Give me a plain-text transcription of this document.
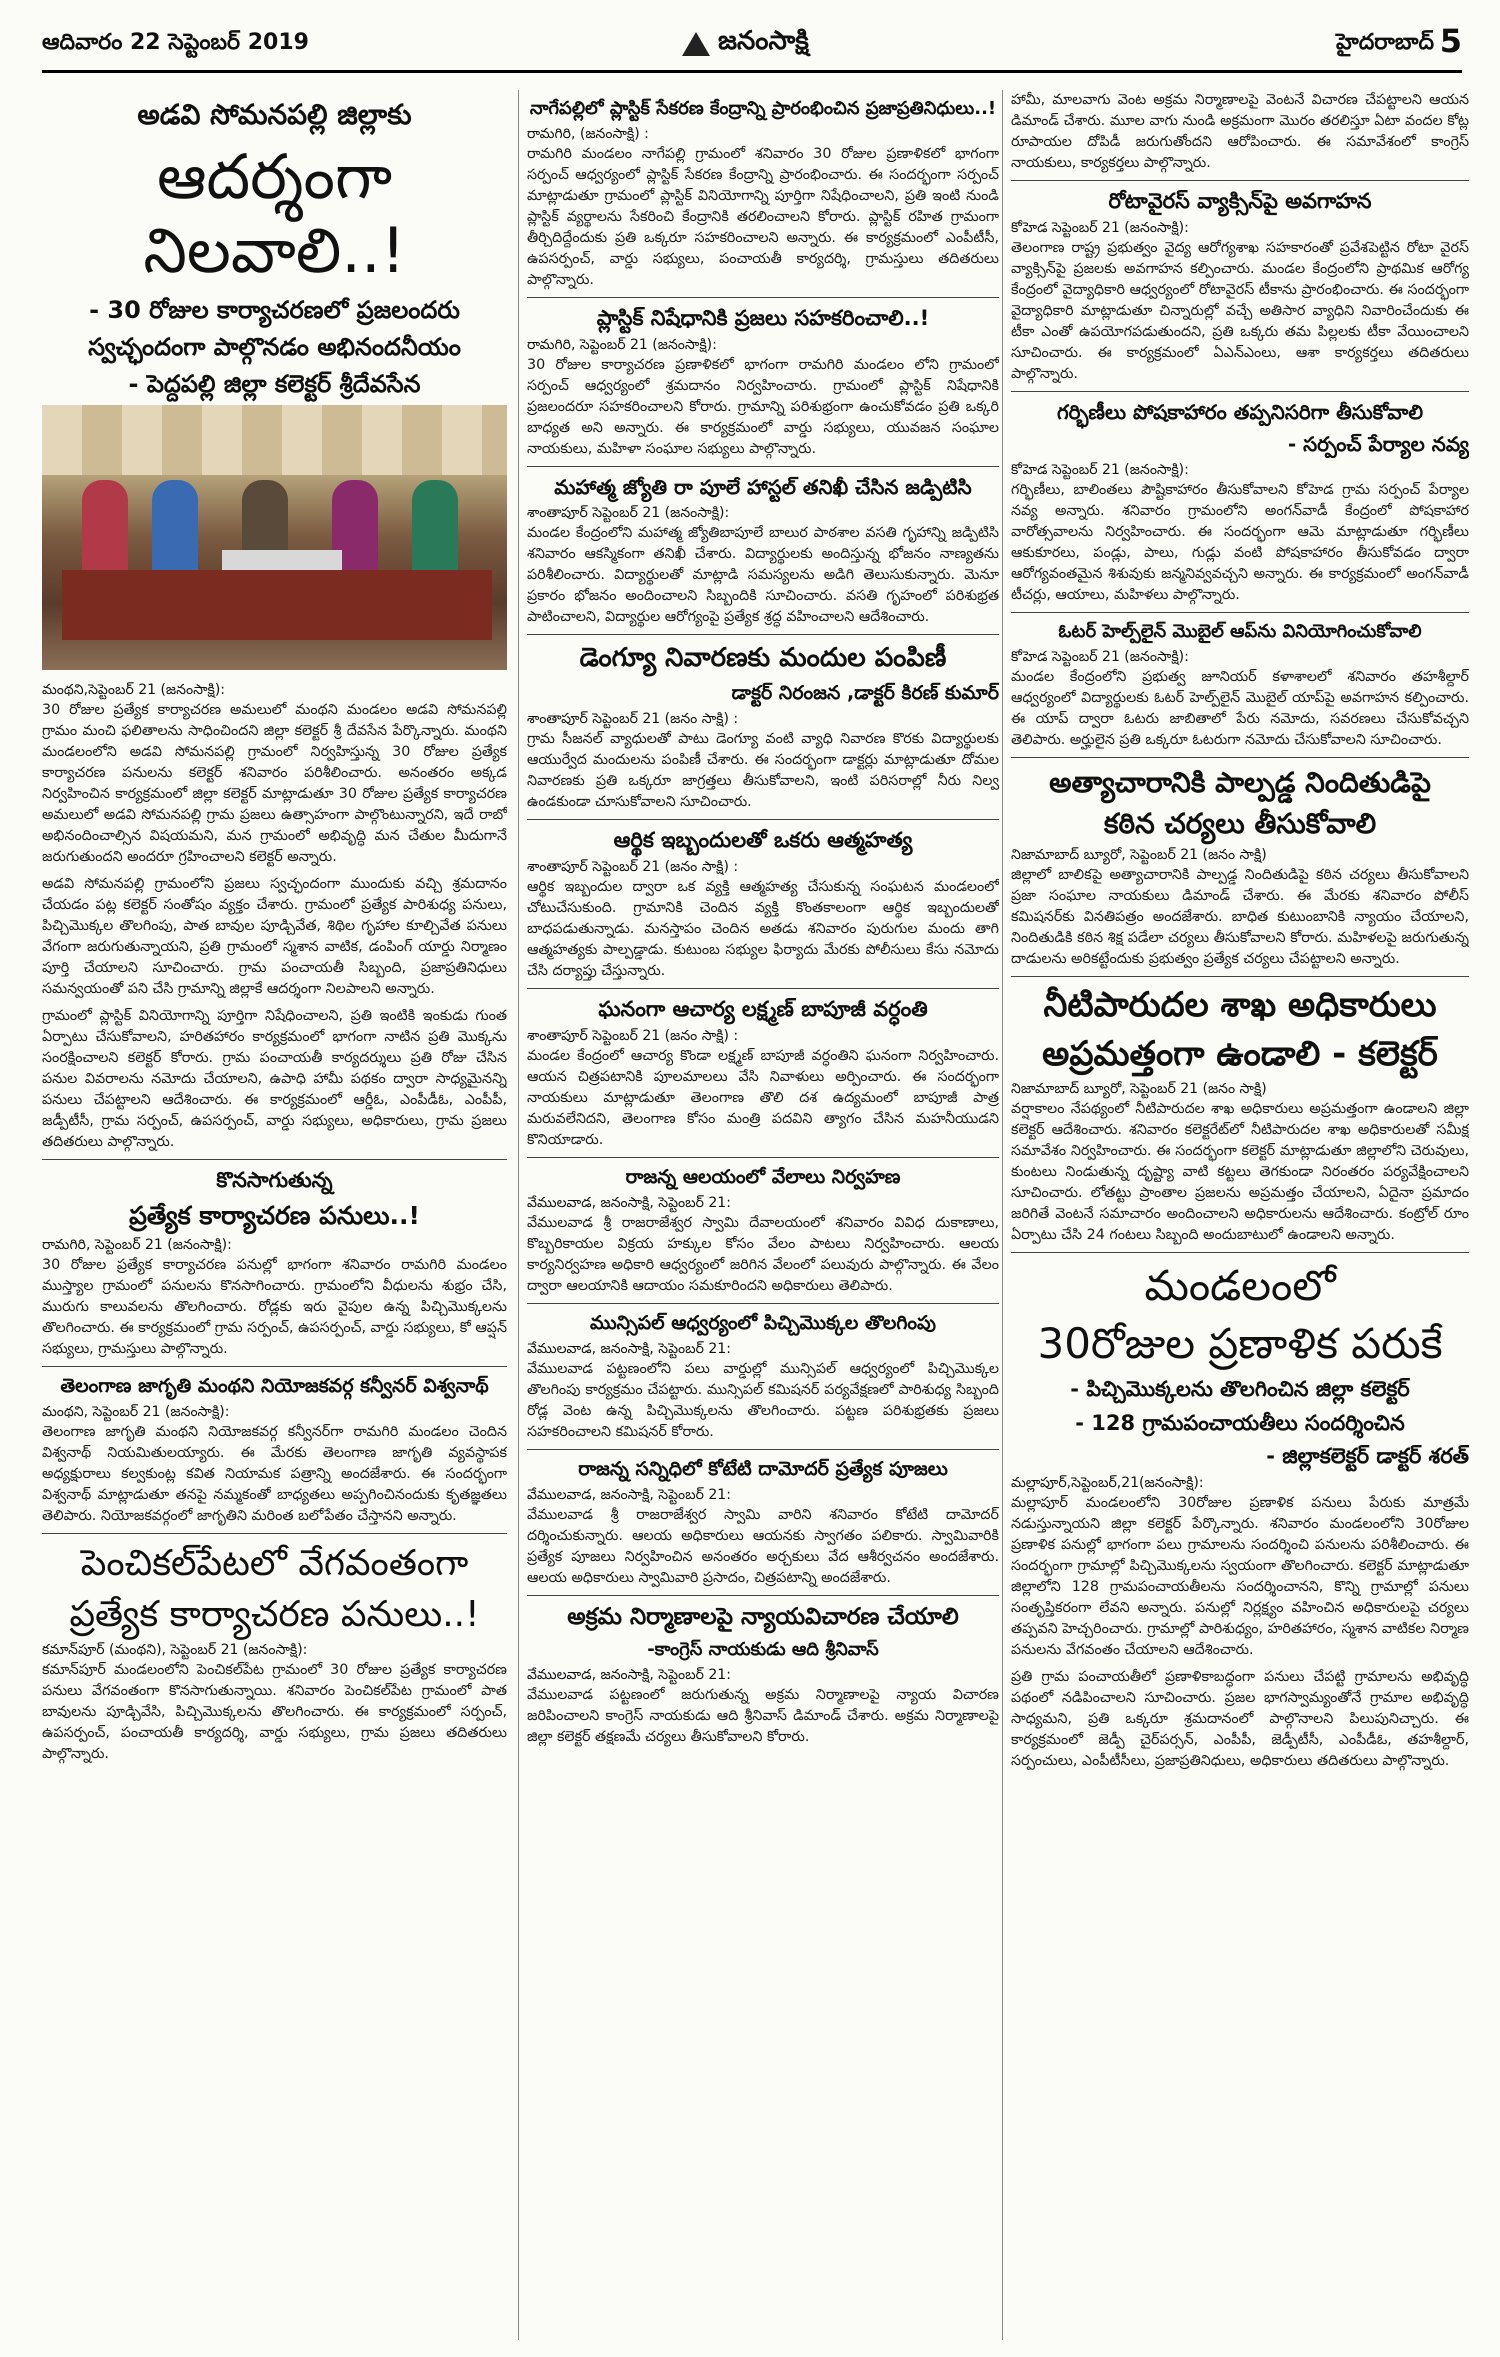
ఆదివారం 22 సెప్టెంబర్ 2019	జనంసాక్షి	హైదరాబాద్ 5
అడవి సోమనపల్లి జిల్లాకు
ఆదర్శంగా నిలవాలి..!
- 30 రోజుల కార్యాచరణలో ప్రజలందరు
స్వచ్ఛందంగా పాల్గొనడం అభినందనీయం
- పెద్దపల్లి జిల్లా కలెక్టర్ శ్రీదేవసేన

మంథని,సెప్టెంబర్ 21 (జనంసాక్షి):

30 రోజుల ప్రత్యేక కార్యాచరణ అమలులో మంథని మండలం అడవి సోమనపల్లి గ్రామం మంచి ఫలితాలను సాధించిందని జిల్లా కలెక్టర్ శ్రీ దేవసేన పేర్కొన్నారు. మంథని మండలంలోని అడవి సోమనపల్లి గ్రామంలో నిర్వహిస్తున్న 30 రోజుల ప్రత్యేక కార్యాచరణ పనులను కలెక్టర్ శనివారం పరిశీలించారు. అనంతరం అక్కడ నిర్వహించిన కార్యక్రమంలో జిల్లా కలెక్టర్ మాట్లాడుతూ 30 రోజుల ప్రత్యేక కార్యాచరణ అమలులో అడవి సోమనపల్లి గ్రామ ప్రజలు ఉత్సాహంగా పాల్గొంటున్నారని, ఇదే రాబో అభినందించాల్సిన విషయమని, మన గ్రామంలో అభివృద్ధి మన చేతుల మీదుగానే జరుగుతుందని అందరూ గ్రహించాలని కలెక్టర్ అన్నారు.

అడవి సోమనపల్లి గ్రామంలోని ప్రజలు స్వచ్ఛందంగా ముందుకు వచ్చి శ్రమదానం చేయడం పట్ల కలెక్టర్ సంతోషం వ్యక్తం చేశారు. గ్రామంలో ప్రత్యేక పారిశుధ్య పనులు, పిచ్చిమొక్కల తొలగింపు, పాత బావుల పూడ్చివేత, శిథిల గృహాల కూల్చివేత పనులు వేగంగా జరుగుతున్నాయని, ప్రతి గ్రామంలో స్మశాన వాటిక, డంపింగ్ యార్డు నిర్మాణం పూర్తి చేయాలని సూచించారు. గ్రామ పంచాయతీ సిబ్బంది, ప్రజాప్రతినిధులు సమన్వయంతో పని చేసి గ్రామాన్ని జిల్లాకే ఆదర్శంగా నిలపాలని అన్నారు.

గ్రామంలో ప్లాస్టిక్ వినియోగాన్ని పూర్తిగా నిషేధించాలని, ప్రతి ఇంటికి ఇంకుడు గుంత ఏర్పాటు చేసుకోవాలని, హరితహారం కార్యక్రమంలో భాగంగా నాటిన ప్రతి మొక్కను సంరక్షించాలని కలెక్టర్ కోరారు. గ్రామ పంచాయతీ కార్యదర్శులు ప్రతి రోజు చేసిన పనుల వివరాలను నమోదు చేయాలని, ఉపాధి హామీ పథకం ద్వారా సాధ్యమైనన్ని పనులు చేపట్టాలని ఆదేశించారు. ఈ కార్యక్రమంలో ఆర్డీఓ, ఎంపీడీఓ, ఎంపీపీ, జడ్పీటీసీ, గ్రామ సర్పంచ్, ఉపసర్పంచ్, వార్డు సభ్యులు, అధికారులు, గ్రామ ప్రజలు తదితరులు పాల్గొన్నారు.

కొనసాగుతున్న
ప్రత్యేక కార్యాచరణ పనులు..!

రామగిరి, సెప్టెంబర్ 21 (జనంసాక్షి):

30 రోజుల ప్రత్యేక కార్యాచరణ పనుల్లో భాగంగా శనివారం రామగిరి మండలం ముస్త్యాల గ్రామంలో పనులను కొనసాగించారు. గ్రామంలోని వీధులను శుభ్రం చేసి, మురుగు కాలువలను తొలగించారు. రోడ్లకు ఇరు వైపుల ఉన్న పిచ్చిమొక్కలను తొలగించారు. ఈ కార్యక్రమంలో గ్రామ సర్పంచ్, ఉపసర్పంచ్, వార్డు సభ్యులు, కో ఆప్షన్ సభ్యులు, గ్రామస్తులు పాల్గొన్నారు.

తెలంగాణ జాగృతి మంథని నియోజకవర్గ కన్వీనర్ విశ్వనాథ్

మంథని, సెప్టెంబర్ 21 (జనంసాక్షి):

తెలంగాణ జాగృతి మంథని నియోజకవర్గ కన్వీనర్‌గా రామగిరి మండలం చెందిన విశ్వనాథ్ నియమితులయ్యారు. ఈ మేరకు తెలంగాణ జాగృతి వ్యవస్థాపక అధ్యక్షురాలు కల్వకుంట్ల కవిత నియామక పత్రాన్ని అందజేశారు. ఈ సందర్భంగా విశ్వనాథ్ మాట్లాడుతూ తనపై నమ్మకంతో బాధ్యతలు అప్పగించినందుకు కృతజ్ఞతలు తెలిపారు. నియోజకవర్గంలో జాగృతిని మరింత బలోపేతం చేస్తానని అన్నారు.

పెంచికల్‌పేటలో వేగవంతంగా
ప్రత్యేక కార్యాచరణ పనులు..!

కమాన్‌పూర్ (మంథని), సెప్టెంబర్ 21 (జనంసాక్షి):

కమాన్‌పూర్ మండలంలోని పెంచికల్‌పేట గ్రామంలో 30 రోజుల ప్రత్యేక కార్యాచరణ పనులు వేగవంతంగా కొనసాగుతున్నాయి. శనివారం పెంచికల్‌పేట గ్రామంలో పాత బావులను పూడ్చివేసి, పిచ్చిమొక్కలను తొలగించారు. ఈ కార్యక్రమంలో సర్పంచ్, ఉపసర్పంచ్, పంచాయతీ కార్యదర్శి, వార్డు సభ్యులు, గ్రామ ప్రజలు తదితరులు పాల్గొన్నారు.

నాగేపల్లిలో ప్లాస్టిక్ సేకరణ కేంద్రాన్ని ప్రారంభించిన ప్రజాప్రతినిధులు..!

రామగిరి, (జనంసాక్షి) :

రామగిరి మండలం నాగేపల్లి గ్రామంలో శనివారం 30 రోజుల ప్రణాళికలో భాగంగా సర్పంచ్ ఆధ్వర్యంలో ప్లాస్టిక్ సేకరణ కేంద్రాన్ని ప్రారంభించారు. ఈ సందర్భంగా సర్పంచ్ మాట్లాడుతూ గ్రామంలో ప్లాస్టిక్ వినియోగాన్ని పూర్తిగా నిషేధించాలని, ప్రతి ఇంటి నుండి ప్లాస్టిక్ వ్యర్థాలను సేకరించి కేంద్రానికి తరలించాలని కోరారు. ప్లాస్టిక్ రహిత గ్రామంగా తీర్చిదిద్దేందుకు ప్రతి ఒక్కరూ సహకరించాలని అన్నారు. ఈ కార్యక్రమంలో ఎంపీటీసీ, ఉపసర్పంచ్, వార్డు సభ్యులు, పంచాయతీ కార్యదర్శి, గ్రామస్తులు తదితరులు పాల్గొన్నారు.

ప్లాస్టిక్ నిషేధానికి ప్రజలు సహకరించాలి..!

రామగిరి, సెప్టెంబర్ 21 (జనంసాక్షి):

30 రోజుల కార్యాచరణ ప్రణాళికలో భాగంగా రామగిరి మండలం లోని గ్రామంలో సర్పంచ్ ఆధ్వర్యంలో శ్రమదానం నిర్వహించారు. గ్రామంలో ప్లాస్టిక్ నిషేధానికి ప్రజలందరూ సహకరించాలని కోరారు. గ్రామాన్ని పరిశుభ్రంగా ఉంచుకోవడం ప్రతి ఒక్కరి బాధ్యత అని అన్నారు. ఈ కార్యక్రమంలో వార్డు సభ్యులు, యువజన సంఘాల నాయకులు, మహిళా సంఘాల సభ్యులు పాల్గొన్నారు.

మహాత్మ జ్యోతి రా పూలే హాస్టల్ తనిఖీ చేసిన జడ్పిటిసి

శాంతాపూర్ సెప్టెంబర్ 21 (జనంసాక్షి):

మండల కేంద్రంలోని మహాత్మ జ్యోతిబాపూలే బాలుర పాఠశాల వసతి గృహాన్ని జడ్పిటిసి శనివారం ఆకస్మికంగా తనిఖీ చేశారు. విద్యార్థులకు అందిస్తున్న భోజనం నాణ్యతను పరిశీలించారు. విద్యార్థులతో మాట్లాడి సమస్యలను అడిగి తెలుసుకున్నారు. మెనూ ప్రకారం భోజనం అందించాలని సిబ్బందికి సూచించారు. వసతి గృహంలో పరిశుభ్రత పాటించాలని, విద్యార్థుల ఆరోగ్యంపై ప్రత్యేక శ్రద్ధ వహించాలని ఆదేశించారు.

డెంగ్యూ నివారణకు మందుల పంపిణీ
డాక్టర్ నిరంజన ,డాక్టర్ కిరణ్ కుమార్

శాంతాపూర్ సెప్టెంబర్ 21 (జనం సాక్షి) :

గ్రామ సీజనల్ వ్యాధులతో పాటు డెంగ్యూ వంటి వ్యాధి నివారణ కొరకు విద్యార్థులకు ఆయుర్వేద మందులను పంపిణీ చేశారు. ఈ సందర్భంగా డాక్టర్లు మాట్లాడుతూ దోమల నివారణకు ప్రతి ఒక్కరూ జాగ్రత్తలు తీసుకోవాలని, ఇంటి పరిసరాల్లో నీరు నిల్వ ఉండకుండా చూసుకోవాలని సూచించారు.

ఆర్థిక ఇబ్బందులతో ఒకరు ఆత్మహత్య

శాంతాపూర్ సెప్టెంబర్ 21 (జనం సాక్షి) :

ఆర్థిక ఇబ్బందుల ద్వారా ఒక వ్యక్తి ఆత్మహత్య చేసుకున్న సంఘటన మండలంలో చోటుచేసుకుంది. గ్రామానికి చెందిన వ్యక్తి కొంతకాలంగా ఆర్థిక ఇబ్బందులతో బాధపడుతున్నాడు. మనస్తాపం చెందిన అతడు శనివారం పురుగుల మందు తాగి ఆత్మహత్యకు పాల్పడ్డాడు. కుటుంబ సభ్యుల ఫిర్యాదు మేరకు పోలీసులు కేసు నమోదు చేసి దర్యాప్తు చేస్తున్నారు.

ఘనంగా ఆచార్య లక్ష్మణ్ బాపూజీ వర్ధంతి

శాంతాపూర్ సెప్టెంబర్ 21 (జనం సాక్షి) :

మండల కేంద్రంలో ఆచార్య కొండా లక్ష్మణ్ బాపూజీ వర్ధంతిని ఘనంగా నిర్వహించారు. ఆయన చిత్రపటానికి పూలమాలలు వేసి నివాళులు అర్పించారు. ఈ సందర్భంగా నాయకులు మాట్లాడుతూ తెలంగాణ తొలి దశ ఉద్యమంలో బాపూజీ పాత్ర మరువలేనిదని, తెలంగాణ కోసం మంత్రి పదవిని త్యాగం చేసిన మహనీయుడని కొనియాడారు.

రాజన్న ఆలయంలో వేలాలు నిర్వహణ

వేములవాడ, జనంసాక్షి, సెప్టెంబర్ 21:

వేములవాడ శ్రీ రాజరాజేశ్వర స్వామి దేవాలయంలో శనివారం వివిధ దుకాణాలు, కొబ్బరికాయల విక్రయ హక్కుల కోసం వేలం పాటలు నిర్వహించారు. ఆలయ కార్యనిర్వహణ అధికారి ఆధ్వర్యంలో జరిగిన వేలంలో పలువురు పాల్గొన్నారు. ఈ వేలం ద్వారా ఆలయానికి ఆదాయం సమకూరిందని అధికారులు తెలిపారు.

మున్సిపల్ ఆధ్వర్యంలో పిచ్చిమొక్కల తొలగింపు

వేములవాడ, జనంసాక్షి, సెప్టెంబర్ 21:

వేములవాడ పట్టణంలోని పలు వార్డుల్లో మున్సిపల్ ఆధ్వర్యంలో పిచ్చిమొక్కల తొలగింపు కార్యక్రమం చేపట్టారు. మున్సిపల్ కమిషనర్ పర్యవేక్షణలో పారిశుధ్య సిబ్బంది రోడ్ల వెంట ఉన్న పిచ్చిమొక్కలను తొలగించారు. పట్టణ పరిశుభ్రతకు ప్రజలు సహకరించాలని కమిషనర్ కోరారు.

రాజన్న సన్నిధిలో కోటేటి దామోదర్ ప్రత్యేక పూజలు

వేములవాడ, జనంసాక్షి, సెప్టెంబర్ 21:

వేములవాడ శ్రీ రాజరాజేశ్వర స్వామి వారిని శనివారం కోటేటి దామోదర్ దర్శించుకున్నారు. ఆలయ అధికారులు ఆయనకు స్వాగతం పలికారు. స్వామివారికి ప్రత్యేక పూజలు నిర్వహించిన అనంతరం అర్చకులు వేద ఆశీర్వచనం అందజేశారు. ఆలయ అధికారులు స్వామివారి ప్రసాదం, చిత్రపటాన్ని అందజేశారు.

అక్రమ నిర్మాణాలపై న్యాయవిచారణ చేయాలి
-కాంగ్రెస్ నాయకుడు ఆది శ్రీనివాస్

వేములవాడ, జనంసాక్షి, సెప్టెంబర్ 21:

వేములవాడ పట్టణంలో జరుగుతున్న అక్రమ నిర్మాణాలపై న్యాయ విచారణ జరిపించాలని కాంగ్రెస్ నాయకుడు ఆది శ్రీనివాస్ డిమాండ్ చేశారు. అక్రమ నిర్మాణాలపై జిల్లా కలెక్టర్ తక్షణమే చర్యలు తీసుకోవాలని కోరారు.

హామీ, మాలవాగు వెంట అక్రమ నిర్మాణాలపై వెంటనే విచారణ చేపట్టాలని ఆయన డిమాండ్ చేశారు. మూల వాగు నుండి అక్రమంగా మొరం తరలిస్తూ ఏటా వందల కోట్ల రూపాయల దోపిడీ జరుగుతోందని ఆరోపించారు. ఈ సమావేశంలో కాంగ్రెస్ నాయకులు, కార్యకర్తలు పాల్గొన్నారు.

రోటావైరస్ వ్యాక్సిన్‌పై అవగాహన

కోహెడ సెప్టెంబర్ 21 (జనంసాక్షి):

తెలంగాణ రాష్ట్ర ప్రభుత్వం వైద్య ఆరోగ్యశాఖ సహకారంతో ప్రవేశపెట్టిన రోటా వైరస్ వ్యాక్సిన్‌పై ప్రజలకు అవగాహన కల్పించారు. మండల కేంద్రంలోని ప్రాథమిక ఆరోగ్య కేంద్రంలో వైద్యాధికారి ఆధ్వర్యంలో రోటావైరస్ టీకాను ప్రారంభించారు. ఈ సందర్భంగా వైద్యాధికారి మాట్లాడుతూ చిన్నారుల్లో వచ్చే అతిసార వ్యాధిని నివారించేందుకు ఈ టీకా ఎంతో ఉపయోగపడుతుందని, ప్రతి ఒక్కరు తమ పిల్లలకు టీకా వేయించాలని సూచించారు. ఈ కార్యక్రమంలో ఏఎన్ఎంలు, ఆశా కార్యకర్తలు తదితరులు పాల్గొన్నారు.

గర్భిణీలు పోషకాహారం తప్పనిసరిగా తీసుకోవాలి
- సర్పంచ్ పేర్యాల నవ్య

కోహెడ సెప్టెంబర్ 21 (జనంసాక్షి):

గర్భిణీలు, బాలింతలు పౌష్టికాహారం తీసుకోవాలని కోహెడ గ్రామ సర్పంచ్ పేర్యాల నవ్య అన్నారు. శనివారం గ్రామంలోని అంగన్‌వాడీ కేంద్రంలో పోషకాహార వారోత్సవాలను నిర్వహించారు. ఈ సందర్భంగా ఆమె మాట్లాడుతూ గర్భిణీలు ఆకుకూరలు, పండ్లు, పాలు, గుడ్లు వంటి పోషకాహారం తీసుకోవడం ద్వారా ఆరోగ్యవంతమైన శిశువుకు జన్మనివ్వవచ్చని అన్నారు. ఈ కార్యక్రమంలో అంగన్‌వాడీ టీచర్లు, ఆయాలు, మహిళలు పాల్గొన్నారు.

ఓటర్ హెల్ప్‌లైన్ మొబైల్ ఆప్‌ను వినియోగించుకోవాలి

కోహెడ సెప్టెంబర్ 21 (జనంసాక్షి):

మండల కేంద్రంలోని ప్రభుత్వ జూనియర్ కళాశాలలో శనివారం తహశీల్దార్ ఆధ్వర్యంలో విద్యార్థులకు ఓటర్ హెల్ప్‌లైన్ మొబైల్ యాప్‌పై అవగాహన కల్పించారు. ఈ యాప్ ద్వారా ఓటరు జాబితాలో పేరు నమోదు, సవరణలు చేసుకోవచ్చని తెలిపారు. అర్హులైన ప్రతి ఒక్కరూ ఓటరుగా నమోదు చేసుకోవాలని సూచించారు.

అత్యాచారానికి పాల్పడ్డ నిందితుడిపై
కఠిన చర్యలు తీసుకోవాలి

నిజామాబాద్ బ్యూరో, సెప్టెంబర్ 21 (జనం సాక్షి)

జిల్లాలో బాలికపై అత్యాచారానికి పాల్పడ్డ నిందితుడిపై కఠిన చర్యలు తీసుకోవాలని ప్రజా సంఘాల నాయకులు డిమాండ్ చేశారు. ఈ మేరకు శనివారం పోలీస్ కమిషనర్‌కు వినతిపత్రం అందజేశారు. బాధిత కుటుంబానికి న్యాయం చేయాలని, నిందితుడికి కఠిన శిక్ష పడేలా చర్యలు తీసుకోవాలని కోరారు. మహిళలపై జరుగుతున్న దాడులను అరికట్టేందుకు ప్రభుత్వం ప్రత్యేక చర్యలు చేపట్టాలని అన్నారు.

నీటిపారుదల శాఖ అధికారులు
అప్రమత్తంగా ఉండాలి - కలెక్టర్

నిజామాబాద్ బ్యూరో, సెప్టెంబర్ 21 (జనం సాక్షి)

వర్షాకాలం నేపథ్యంలో నీటిపారుదల శాఖ అధికారులు అప్రమత్తంగా ఉండాలని జిల్లా కలెక్టర్ ఆదేశించారు. శనివారం కలెక్టరేట్‌లో నీటిపారుదల శాఖ అధికారులతో సమీక్ష సమావేశం నిర్వహించారు. ఈ సందర్భంగా కలెక్టర్ మాట్లాడుతూ జిల్లాలోని చెరువులు, కుంటలు నిండుతున్న దృష్ట్యా వాటి కట్టలు తెగకుండా నిరంతరం పర్యవేక్షించాలని సూచించారు. లోతట్టు ప్రాంతాల ప్రజలను అప్రమత్తం చేయాలని, ఏదైనా ప్రమాదం జరిగితే వెంటనే సమాచారం అందించాలని అధికారులను ఆదేశించారు. కంట్రోల్ రూం ఏర్పాటు చేసి 24 గంటలు సిబ్బంది అందుబాటులో ఉండాలని అన్నారు.

మండలంలో
30రోజుల ప్రణాళిక పరుకే
- పిచ్చిమొక్కలను తొలగించిన జిల్లా కలెక్టర్
- 128 గ్రామపంచాయతీలు సందర్శించిన
- జిల్లాకలెక్టర్ డాక్టర్ శరత్

మల్లాపూర్,సెప్టెంబర్,21(జనంసాక్షి):

మల్లాపూర్ మండలంలోని 30రోజుల ప్రణాళిక పనులు పేరుకు మాత్రమే నడుస్తున్నాయని జిల్లా కలెక్టర్ పేర్కొన్నారు. శనివారం మండలంలోని 30రోజుల ప్రణాళిక పనుల్లో భాగంగా పలు గ్రామాలను సందర్శించి పనులను పరిశీలించారు. ఈ సందర్భంగా గ్రామాల్లో పిచ్చిమొక్కలను స్వయంగా తొలగించారు. కలెక్టర్ మాట్లాడుతూ జిల్లాలోని 128 గ్రామపంచాయతీలను సందర్శించానని, కొన్ని గ్రామాల్లో పనులు సంతృప్తికరంగా లేవని అన్నారు. పనుల్లో నిర్లక్ష్యం వహించిన అధికారులపై చర్యలు తప్పవని హెచ్చరించారు. గ్రామాల్లో పారిశుధ్యం, హరితహారం, స్మశాన వాటికల నిర్మాణ పనులను వేగవంతం చేయాలని ఆదేశించారు.

ప్రతి గ్రామ పంచాయతీలో ప్రణాళికాబద్ధంగా పనులు చేపట్టి గ్రామాలను అభివృద్ధి పథంలో నడిపించాలని సూచించారు. ప్రజల భాగస్వామ్యంతోనే గ్రామాల అభివృద్ధి సాధ్యమని, ప్రతి ఒక్కరూ శ్రమదానంలో పాల్గొనాలని పిలుపునిచ్చారు. ఈ కార్యక్రమంలో జెడ్పీ చైర్‌పర్సన్, ఎంపీపీ, జెడ్పీటీసీ, ఎంపీడీఓ, తహశీల్దార్, సర్పంచులు, ఎంపీటీసీలు, ప్రజాప్రతినిధులు, అధికారులు తదితరులు పాల్గొన్నారు.
